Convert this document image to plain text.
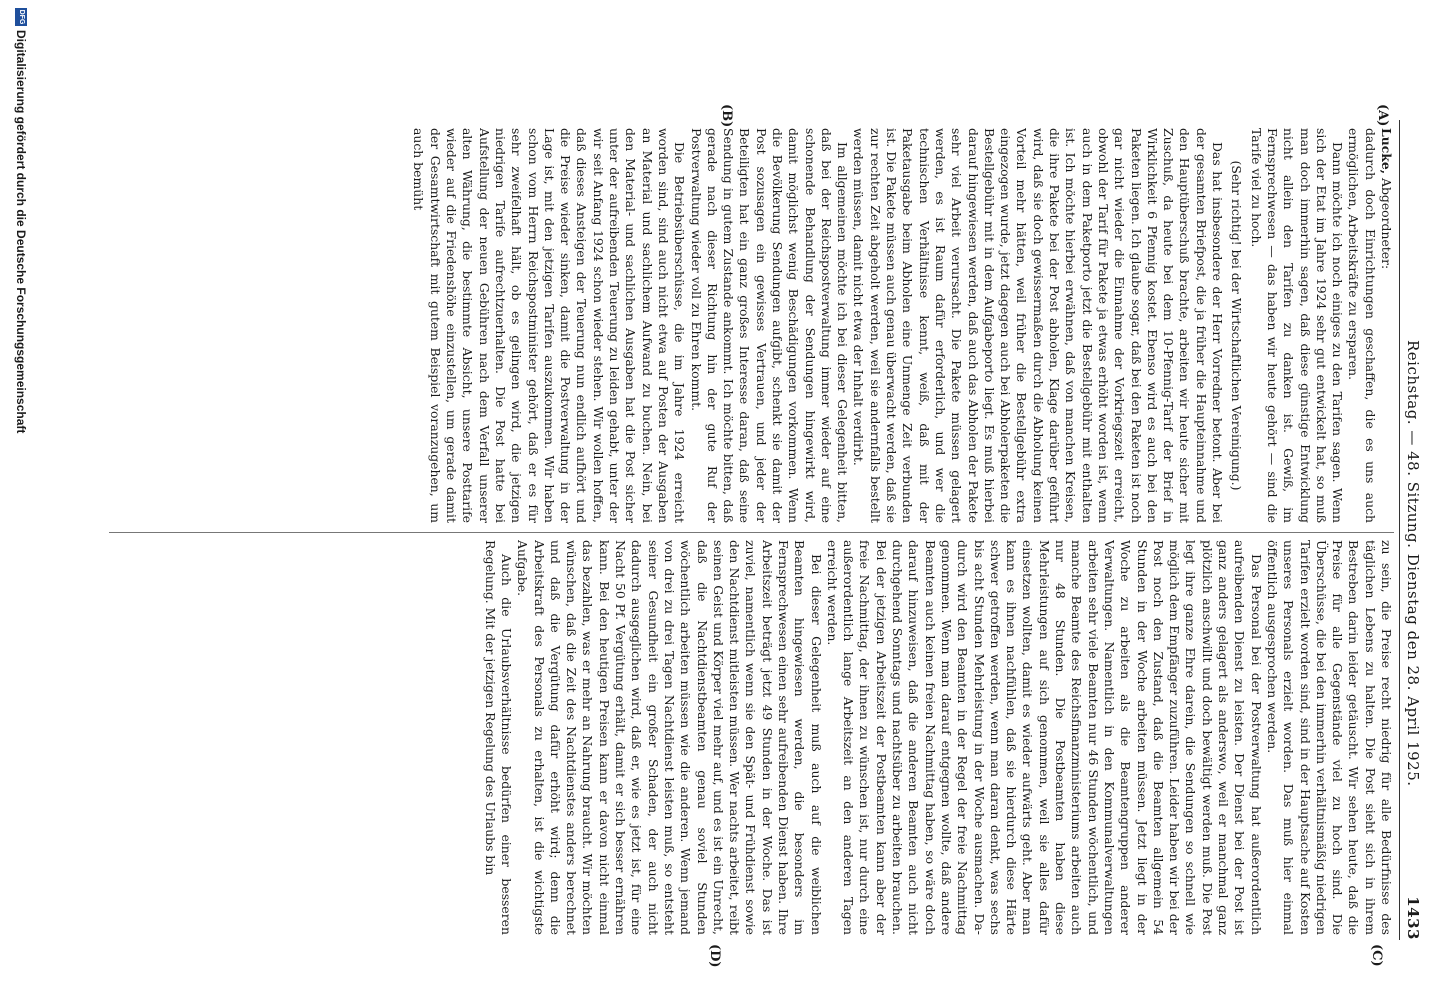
Reichstag. — 48. Sitzung. Dienstag den 28. April 1925.
1433
(A)
(B)
(C)
(D)

Lucke, Abgeordneter:

dadurch doch Einrichtungen geschaffen, die es uns auch ermöglichen, Arbeitskräfte zu ersparen.

Dann möchte ich noch einiges zu den Tarifen sagen. Wenn sich der Etat im Jahre 1924 sehr gut entwickelt hat, so muß man doch immerhin sagen, daß diese günstige Entwicklung nicht allein den Tarifen zu danken ist. Gewiß, im Fernsprechwesen — das haben wir heute gehört — sind die Tarife viel zu hoch.

(Sehr richtig! bei der Wirtschaftlichen Vereinigung.)

Das hat insbesondere der Herr Vorredner betont. Aber bei der gesamten Briefpost, die ja früher die Haupteinnahme und den Hauptüberschuß brachte, arbeiten wir heute sicher mit Zuschuß, da heute bei dem 10-Pfennig-Tarif der Brief in Wirklichkeit 6 Pfennig kostet. Ebenso wird es auch bei den Paketen liegen. Ich glaube sogar, daß bei den Paketen ist noch gar nicht wieder die Einnahme der Vorkriegszeit erreicht, obwohl der Tarif für Pakete ja etwas erhöht worden ist, wenn auch in dem Paketporto jetzt die Bestellgebühr mit enthalten ist. Ich möchte hierbei erwähnen, daß von manchen Kreisen, die ihre Pakete bei der Post abholen, Klage darüber geführt wird, daß sie doch gewissermaßen durch die Abholung keinen Vorteil mehr hätten, weil früher die Bestellgebühr extra eingezogen wurde, jetzt dagegen auch bei Abholerpaketen die Bestellgebühr mit in dem Aufgabeporto liegt. Es muß hierbei darauf hingewiesen werden, daß auch das Abholen der Pakete sehr viel Arbeit verursacht. Die Pakete müssen gelagert werden, es ist Raum dafür erforderlich, und wer die technischen Verhältnisse kennt, weiß, daß mit der Paketausgabe beim Abholen eine Unmenge Zeit verbunden ist. Die Pakete müssen auch genau überwacht werden, daß sie zur rechten Zeit abgeholt werden, weil sie andernfalls bestellt werden müssen, damit nicht etwa der Inhalt verdirbt.

Im allgemeinen möchte ich bei dieser Gelegenheit bitten, daß bei der Reichspostverwaltung immer wieder auf eine schonende Behandlung der Sendungen hingewirkt wird, damit möglichst wenig Beschädigungen vorkommen. Wenn die Bevölkerung Sendungen aufgibt, schenkt sie damit der Post sozusagen ein gewisses Vertrauen, und jeder der Beteiligten hat ein ganz großes Interesse daran, daß seine Sendung in gutem Zustande ankommt. Ich möchte bitten, daß gerade nach dieser Richtung hin der gute Ruf der Postverwaltung wieder voll zu Ehren kommt.

Die Betriebsüberschüsse, die im Jahre 1924 erreicht worden sind, sind auch nicht etwa auf Posten der Ausgaben an Material und sachlichem Aufwand zu buchen. Nein, bei den Material- und sachlichen Ausgaben hat die Post sicher unter der aufreibenden Teuerung zu leiden gehabt, unter der wir seit Anfang 1924 schon wieder stehen. Wir wollen hoffen, daß dieses Ansteigen der Teuerung nun endlich aufhört und die Preise wieder sinken, damit die Postverwaltung in der Lage ist, mit den jetzigen Tarifen auszukommen. Wir haben schon vom Herrn Reichspostminister gehört, daß er es für sehr zweifelhaft hält, ob es gelingen wird, die jetzigen niedrigen Tarife aufrechtzuerhalten. Die Post hatte bei Aufstellung der neuen Gebühren nach dem Verfall unserer alten Währung, die bestimmte Absicht, unsere Posttarife wieder auf die Friedenshöhe einzustellen, um gerade damit der Gesamtwirtschaft mit gutem Beispiel voranzugehen, um auch bemüht

zu sein, die Preise recht niedrig für alle Bedürfnisse des täglichen Lebens zu halten. Die Post sieht sich in ihrem Bestreben darin leider getäuscht. Wir sehen heute, daß die Preise für alle Gegenstände viel zu hoch sind. Die Überschüsse, die bei den immerhin verhältnismäßig niedrigen Tarifen erzielt worden sind, sind in der Hauptsache auf Kosten unseres Personals erzielt worden. Das muß hier einmal öffentlich ausgesprochen werden.

Das Personal bei der Postverwaltung hat außerordentlich aufreibenden Dienst zu leisten. Der Dienst bei der Post ist ganz anders gelagert als anderswo, weil er manchmal ganz plötzlich anschwillt und doch bewältigt werden muß. Die Post legt ihre ganze Ehre darein, die Sendungen so schnell wie möglich dem Empfänger zuzuführen. Leider haben wir bei der Post noch den Zustand, daß die Beamten allgemein 54 Stunden in der Woche arbeiten müssen. Jetzt liegt in der Woche zu arbeiten als die Beamtengruppen anderer Verwaltungen. Namentlich in den Kommunalverwaltungen arbeiten sehr viele Beamten nur 46 Stunden wöchentlich, und manche Beamte des Reichsfinanzministeriums arbeiten auch nur 48 Stunden. Die Postbeamten haben diese Mehrleistungen auf sich genommen, weil sie alles dafür einsetzen wollten, damit es wieder aufwärts geht. Aber man kann es ihnen nachfühlen, daß sie hierdurch diese Härte schwer getroffen werden, wenn man daran denkt, was sechs bis acht Stunden Mehrleistung in der Woche ausmachen. Da-durch wird den Beamten in der Regel der freie Nachmittag genommen. Wenn man darauf entgegnen wollte, daß andere Beamten auch keinen freien Nachmittag haben, so wäre doch darauf hinzuweisen, daß die anderen Beamten auch nicht durchgehend Sonntags und nachtsüber zu arbeiten brauchen. Bei der jetzigen Arbeitszeit der Postbeamten kann aber der freie Nachmittag, der ihnen zu wünschen ist, nur durch eine außerordentlich lange Arbeitszeit an den anderen Tagen erreicht werden.

Bei dieser Gelegenheit muß auch auf die weiblichen Beamten hingewiesen werden, die besonders im Fernsprechwesen einen sehr aufreibenden Dienst haben. Ihre Arbeitszeit beträgt jetzt 49 Stunden in der Woche. Das ist zuviel, namentlich wenn sie den Spät- und Frühdienst sowie den Nachtdienst mitleisten müssen. Wer nachts arbeitet, reibt seinen Geist und Körper viel mehr auf, und es ist ein Unrecht, daß die Nachtdienstbeamten genau soviel Stunden wöchentlich arbeiten müssen wie die anderen. Wenn jemand von drei zu drei Tagen Nachtdienst leisten muß, so entsteht seiner Gesundheit ein großer Schaden, der auch nicht dadurch ausgeglichen wird, daß er, wie es jetzt ist, für eine Nacht 50 Pf. Vergütung erhält, damit er sich besser ernähren kann. Bei den heutigen Preisen kann er davon nicht einmal das bezahlen, was er mehr an Nahrung braucht. Wir möchten wünschen, daß die Zeit des Nachtdienstes anders berechnet und daß die Vergütung dafür erhöht wird; denn die Arbeitskraft des Personals zu erhalten, ist die wichtigste Aufgabe.

Auch die Urlaubsverhältnisse bedürfen einer besseren Regelung. Mit der jetzigen Regelung des Urlaubs bin

DFG
Digitalisierung gefördert durch die Deutsche Forschungsgemeinschaft
